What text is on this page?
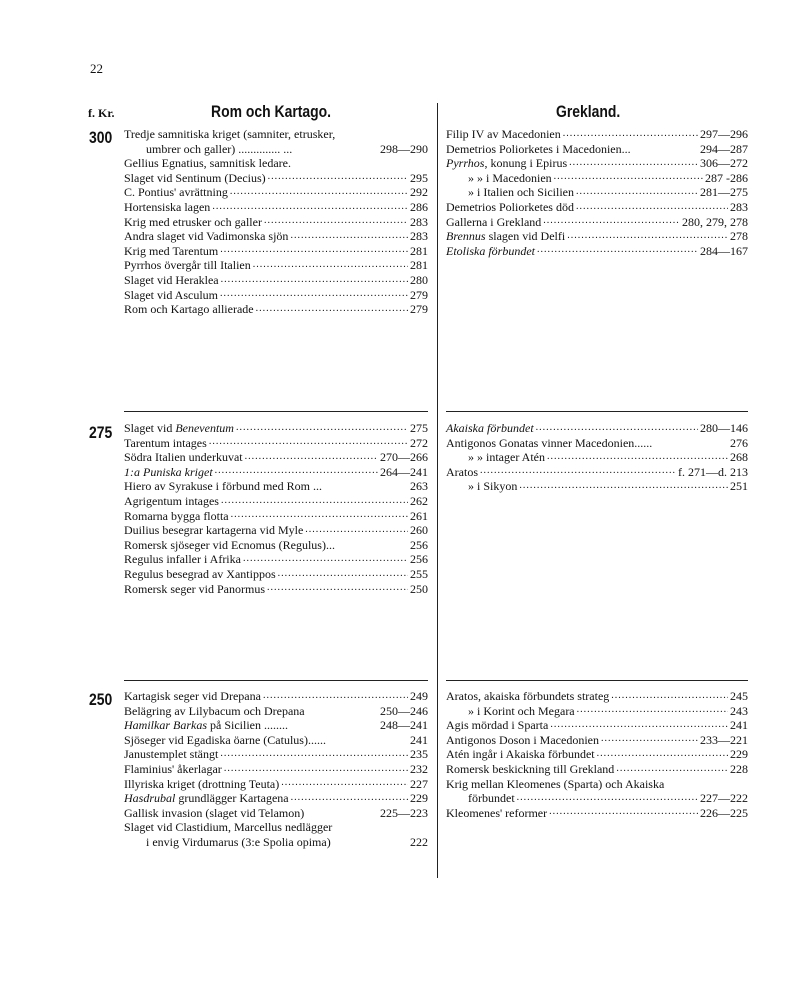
22
f. Kr.	Rom och Kartago.	Grekland.
300
275
250
Tredje samnitiska kriget (samniter, etrusker,
umbrer och galler) .............. ...	298—290
Gellius Egnatius, samnitisk ledare.
Slaget vid Sentinum (Decius) .....	295
C. Pontius' avrättning .....	292
Hortensiska lagen .....	286
Krig med etrusker och galler .....	283
Andra slaget vid Vadimonska sjön .....	283
Krig med Tarentum .....	281
Pyrrhos övergår till Italien .....	281
Slaget vid Heraklea .....	280
Slaget vid Asculum .....	279
Rom och Kartago allierade .....	279
Filip IV av Macedonien .....	297—296
Demetrios Poliorketes i Macedonien...	294—287
Pyrrhos, konung i Epirus .....	306—272
» » i Macedonien .....	287 -286
» i Italien och Sicilien .....	281—275
Demetrios Poliorketes död .....	283
Gallerna i Grekland .....	280, 279, 278
Brennus slagen vid Delfi .....	278
Etoliska förbundet .....	284—167
Slaget vid Beneventum .....	275
Tarentum intages .....	272
Södra Italien underkuvat .....	270—266
1:a Puniska kriget .....	264—241
Hiero av Syrakuse i förbund med Rom ...	263
Agrigentum intages .....	262
Romarna bygga flotta .....	261
Duilius besegrar kartagerna vid Myle .....	260
Romersk sjöseger vid Ecnomus (Regulus)...	256
Regulus infaller i Afrika .....	256
Regulus besegrad av Xantippos .....	255
Romersk seger vid Panormus .....	250
Akaiska förbundet .....	280—146
Antigonos Gonatas vinner Macedonien......	276
» » intager Atén .....	268
Aratos .....	f. 271—d. 213
» i Sikyon .....	251
Kartagisk seger vid Drepana .....	249
Belägring av Lilybacum och Drepana	250—246
Hamilkar Barkas på Sicilien ........	248—241
Sjöseger vid Egadiska öarne (Catulus)......	241
Janustemplet stängt .....	235
Flaminius' åkerlagar .....	232
Illyriska kriget (drottning Teuta) .....	227
Hasdrubal grundlägger Kartagena .....	229
Gallisk invasion (slaget vid Telamon)	225—223
Slaget vid Clastidium, Marcellus nedlägger
i envig Virdumarus (3:e Spolia opima)	222
Aratos, akaiska förbundets strateg .....	245
» i Korint och Megara .....	243
Agis mördad i Sparta .....	241
Antigonos Doson i Macedonien .....	233—221
Atén ingår i Akaiska förbundet .....	229
Romersk beskickning till Grekland .....	228
Krig mellan Kleomenes (Sparta) och Akaiska
förbundet .....	227—222
Kleomenes' reformer .....	226—225
